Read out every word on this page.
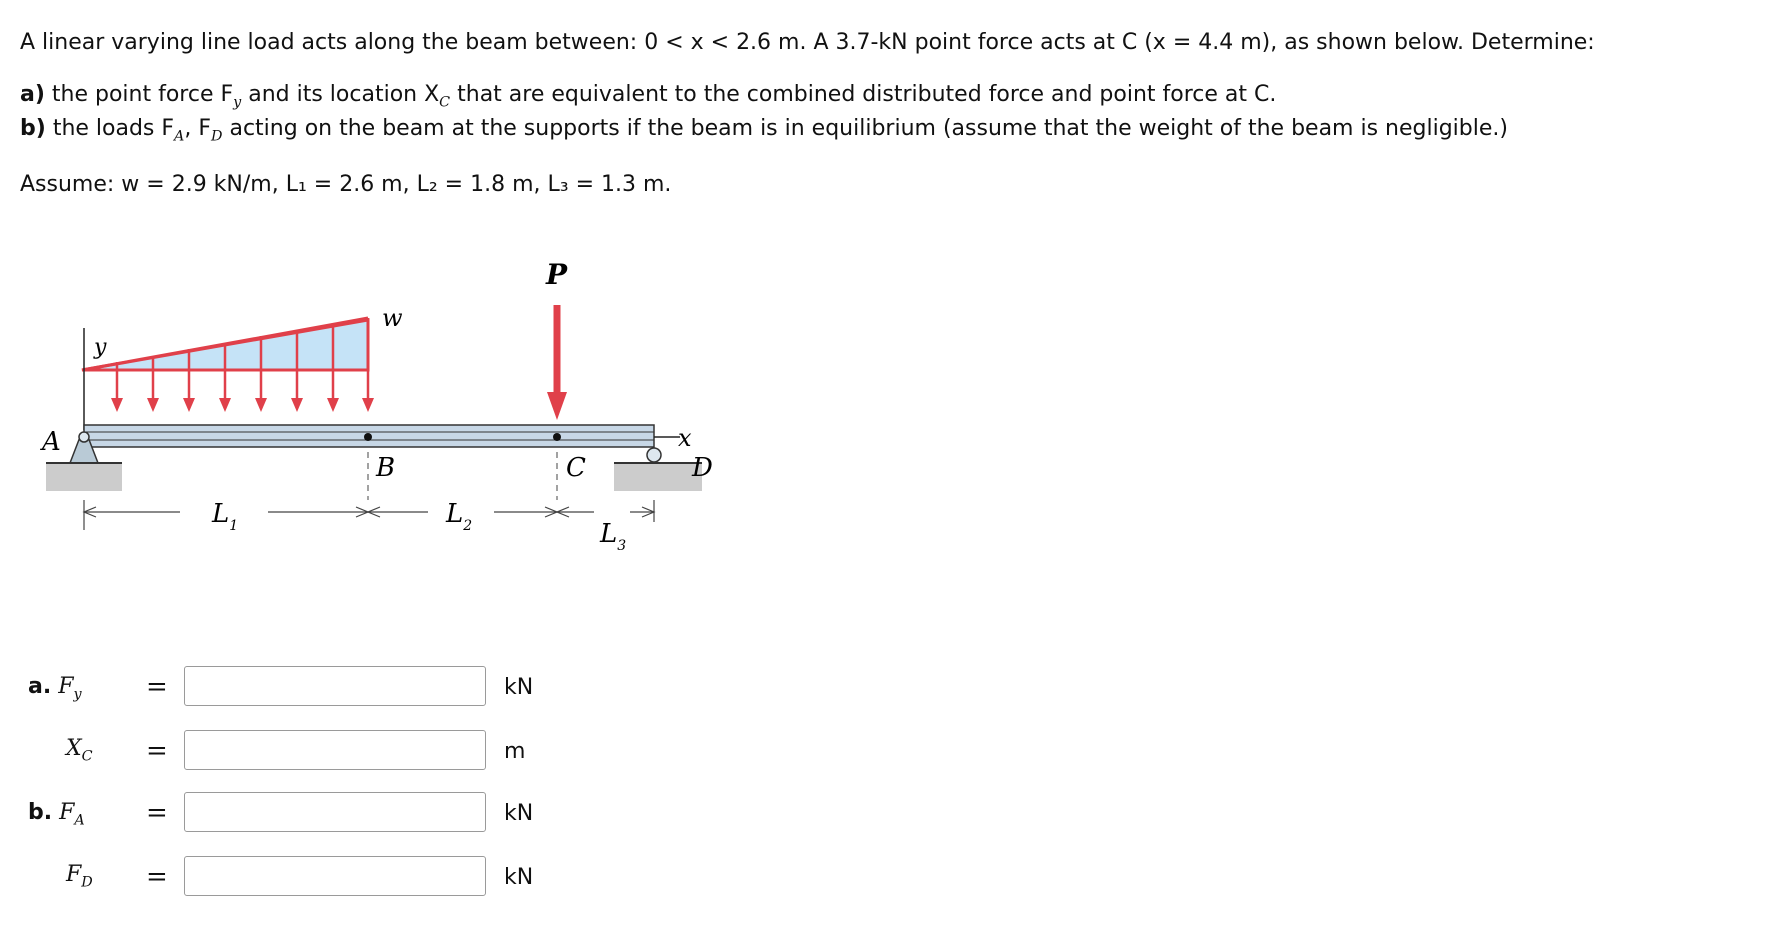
A linear varying line load acts along the beam between: 0 < x < 2.6 m. A 3.7-kN point force acts at C (x = 4.4 m), as shown below. Determine:
a) the point force $F_y$ and its location $X_C$ that are equivalent to the combined distributed force and point force at C.
b) the loads $F_A$, $F_D$ acting on the beam at the supports if the beam is in equilibrium (assume that the weight of the beam is negligible.)
Assume: w = 2.9 kN/m, L₁ = 2.6 m, L₂ = 1.8 m, L₃ = 1.3 m.
w
P
y
x
A
D
B	C
$L_1$	$L_2$	$L_3$
a. $F_y$ =	kN
$X_C$ =	m
b. $F_A$ =	kN
$F_D$ =	kN
